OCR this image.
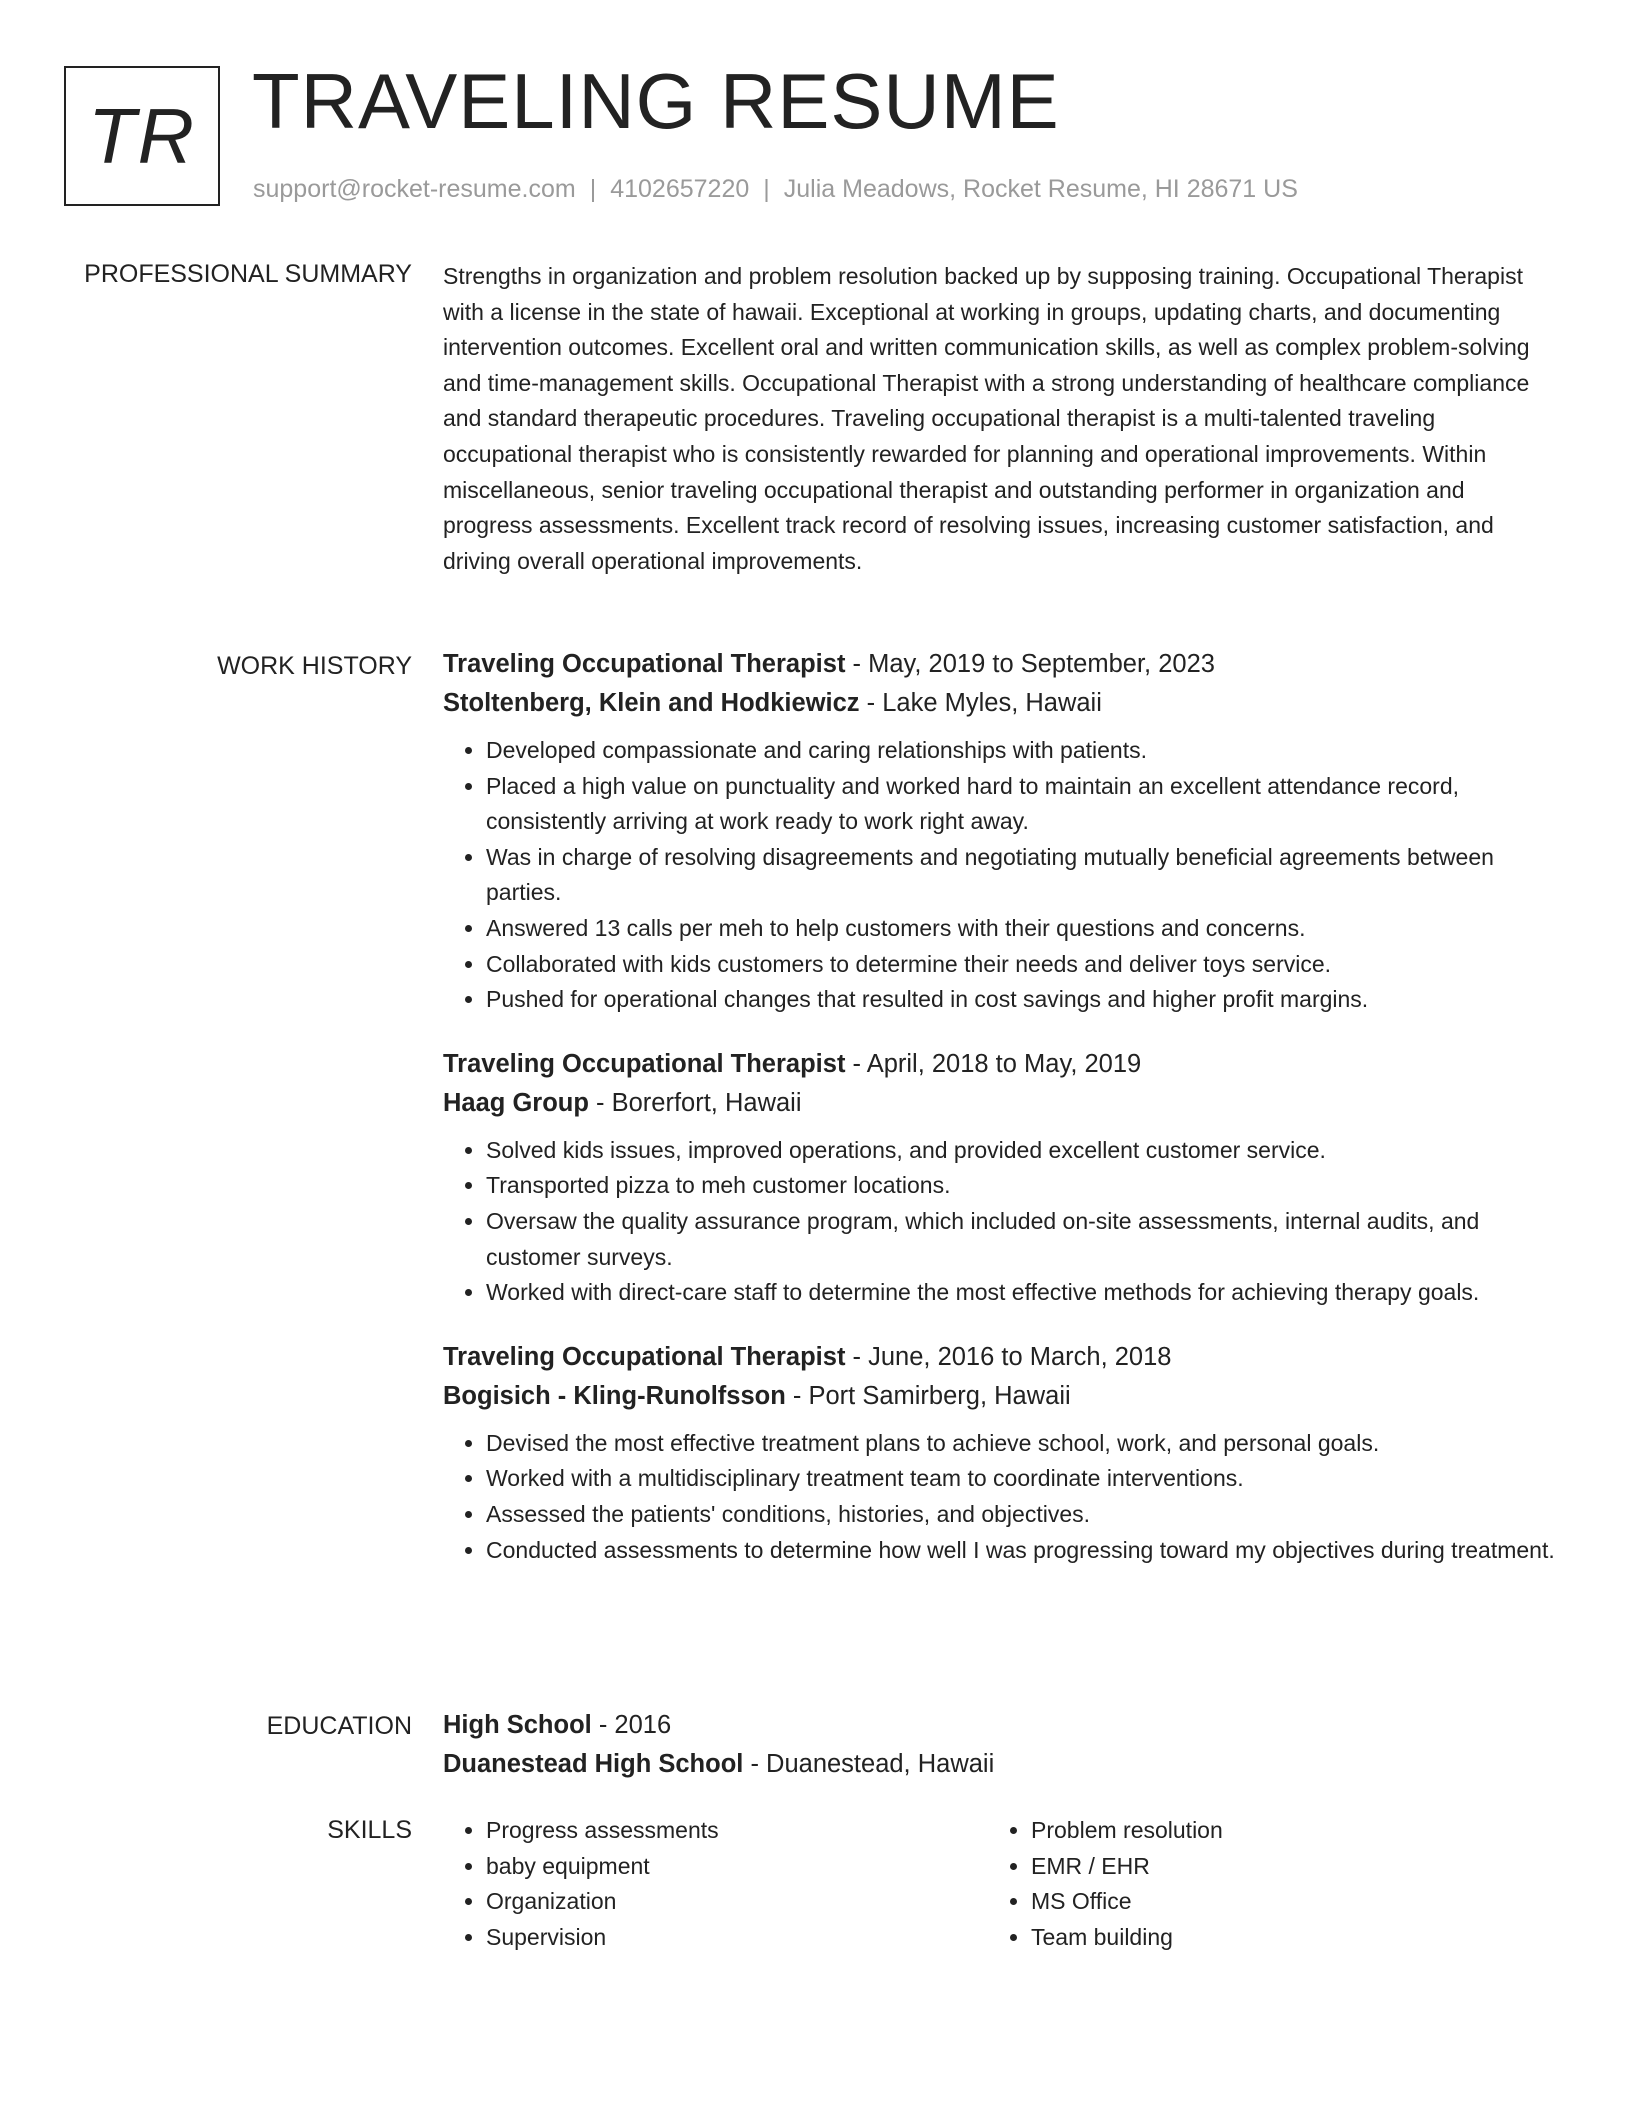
TR TRAVELING RESUME
support@rocket-resume.com | 4102657220 | Julia Meadows, Rocket Resume, HI 28671 US
PROFESSIONAL SUMMARY Strengths in organization and problem resolution backed up by supposing training. Occupational Therapist with a license in the state of hawaii. Exceptional at working in groups, updating charts, and documenting intervention outcomes. Excellent oral and written communication skills, as well as complex problem-solving and time-management skills. Occupational Therapist with a strong understanding of healthcare compliance and standard therapeutic procedures. Traveling occupational therapist is a multi-talented traveling occupational therapist who is consistently rewarded for planning and operational improvements. Within miscellaneous, senior traveling occupational therapist and outstanding performer in organization and progress assessments. Excellent track record of resolving issues, increasing customer satisfaction, and driving overall operational improvements.

WORK HISTORY Traveling Occupational Therapist - May, 2019 to September, 2023
Stoltenberg, Klein and Hodkiewicz - Lake Myles, Hawaii
• Developed compassionate and caring relationships with patients.
• Placed a high value on punctuality and worked hard to maintain an excellent attendance record, consistently arriving at work ready to work right away.
• Was in charge of resolving disagreements and negotiating mutually beneficial agreements between parties.
• Answered 13 calls per meh to help customers with their questions and concerns.
• Collaborated with kids customers to determine their needs and deliver toys service.
• Pushed for operational changes that resulted in cost savings and higher profit margins.
Traveling Occupational Therapist - April, 2018 to May, 2019
Haag Group - Borerfort, Hawaii
• Solved kids issues, improved operations, and provided excellent customer service.
• Transported pizza to meh customer locations.
• Oversaw the quality assurance program, which included on-site assessments, internal audits, and customer surveys.
• Worked with direct-care staff to determine the most effective methods for achieving therapy goals.
Traveling Occupational Therapist - June, 2016 to March, 2018
Bogisich - Kling-Runolfsson - Port Samirberg, Hawaii
• Devised the most effective treatment plans to achieve school, work, and personal goals.
• Worked with a multidisciplinary treatment team to coordinate interventions.
• Assessed the patients' conditions, histories, and objectives.
• Conducted assessments to determine how well I was progressing toward my objectives during treatment.
EDUCATION High School - 2016
Duanestead High School - Duanestead, Hawaii
SKILLS
•	Progress assessments
• baby equipment
• Organization
• Supervision
• Problem resolution
• EMR / EHR
• MS Office
• Team building
